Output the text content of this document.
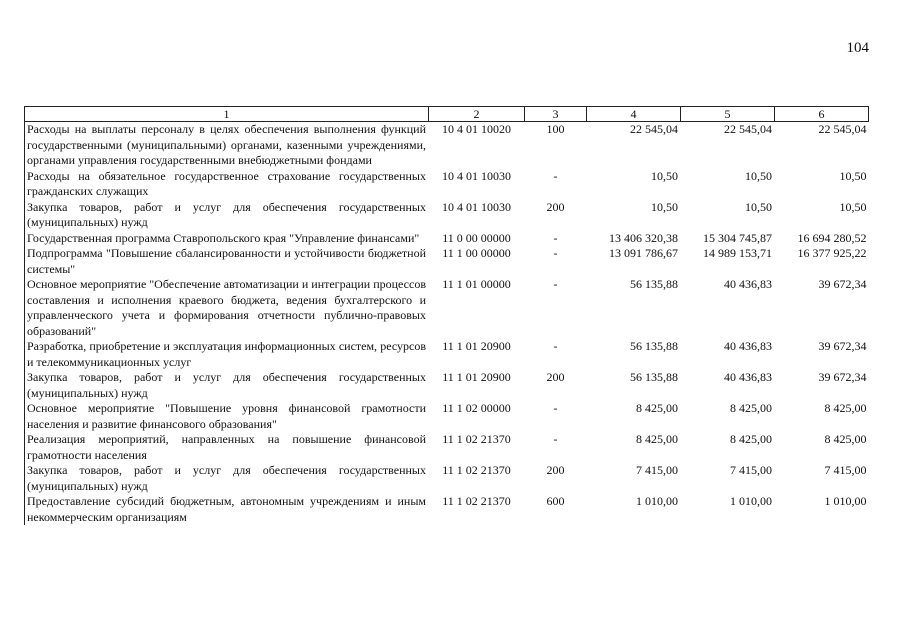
104
1	2	3	4	5	6
Расходы на выплаты персоналу в целях обеспечения выполнения функций государственными (муниципальными) органами, казенными учреждениями, органами управления государственными внебюджетными фондами	10 4 01 10020	100	22 545,04	22 545,04	22 545,04
Расходы на обязательное государственное страхование государственных гражданских служащих	10 4 01 10030	-	10,50	10,50	10,50
Закупка товаров, работ и услуг для обеспечения государственных (муниципальных) нужд	10 4 01 10030	200	10,50	10,50	10,50
Государственная программа Ставропольского края "Управление финансами"	11 0 00 00000	-	13 406 320,38	15 304 745,87	16 694 280,52
Подпрограмма "Повышение сбалансированности и устойчивости бюджетной системы"	11 1 00 00000	-	13 091 786,67	14 989 153,71	16 377 925,22
Основное мероприятие "Обеспечение автоматизации и интеграции процессов составления и исполнения краевого бюджета, ведения бухгалтерского и управленческого учета и формирования отчетности публично-правовых образований"	11 1 01 00000	-	56 135,88	40 436,83	39 672,34
Разработка, приобретение и эксплуатация информационных систем, ресурсов и телекоммуникационных услуг	11 1 01 20900	-	56 135,88	40 436,83	39 672,34
Закупка товаров, работ и услуг для обеспечения государственных (муниципальных) нужд	11 1 01 20900	200	56 135,88	40 436,83	39 672,34
Основное мероприятие "Повышение уровня финансовой грамотности населения и развитие финансового образования"	11 1 02 00000	-	8 425,00	8 425,00	8 425,00
Реализация мероприятий, направленных на повышение финансовой грамотности населения	11 1 02 21370	-	8 425,00	8 425,00	8 425,00
Закупка товаров, работ и услуг для обеспечения государственных (муниципальных) нужд	11 1 02 21370	200	7 415,00	7 415,00	7 415,00
Предоставление субсидий бюджетным, автономным учреждениям и иным некоммерческим организациям	11 1 02 21370	600	1 010,00	1 010,00	1 010,00
